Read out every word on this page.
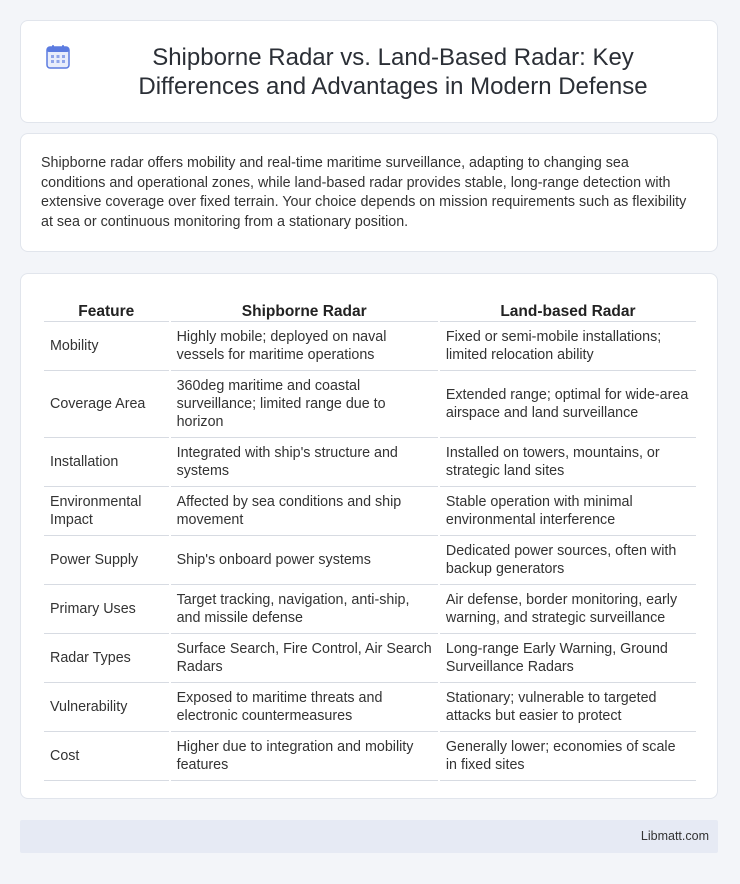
Shipborne Radar vs. Land-Based Radar: Key Differences and Advantages in Modern Defense

Shipborne radar offers mobility and real-time maritime surveillance, adapting to changing sea conditions and operational zones, while land-based radar provides stable, long-range detection with extensive coverage over fixed terrain. Your choice depends on mission requirements such as flexibility at sea or continuous monitoring from a stationary position.

Feature	Shipborne Radar	Land-based Radar
Mobility	Highly mobile; deployed on naval vessels for maritime operations	Fixed or semi-mobile installations; limited relocation ability
Coverage Area	360deg maritime and coastal surveillance; limited range due to horizon	Extended range; optimal for wide-area airspace and land surveillance
Installation	Integrated with ship's structure and systems	Installed on towers, mountains, or strategic land sites
Environmental Impact	Affected by sea conditions and ship movement	Stable operation with minimal environmental interference
Power Supply	Ship's onboard power systems	Dedicated power sources, often with backup generators
Primary Uses	Target tracking, navigation, anti-ship, and missile defense	Air defense, border monitoring, early warning, and strategic surveillance
Radar Types	Surface Search, Fire Control, Air Search Radars	Long-range Early Warning, Ground Surveillance Radars
Vulnerability	Exposed to maritime threats and electronic countermeasures	Stationary; vulnerable to targeted attacks but easier to protect
Cost	Higher due to integration and mobility features	Generally lower; economies of scale in fixed sites
Libmatt.com
